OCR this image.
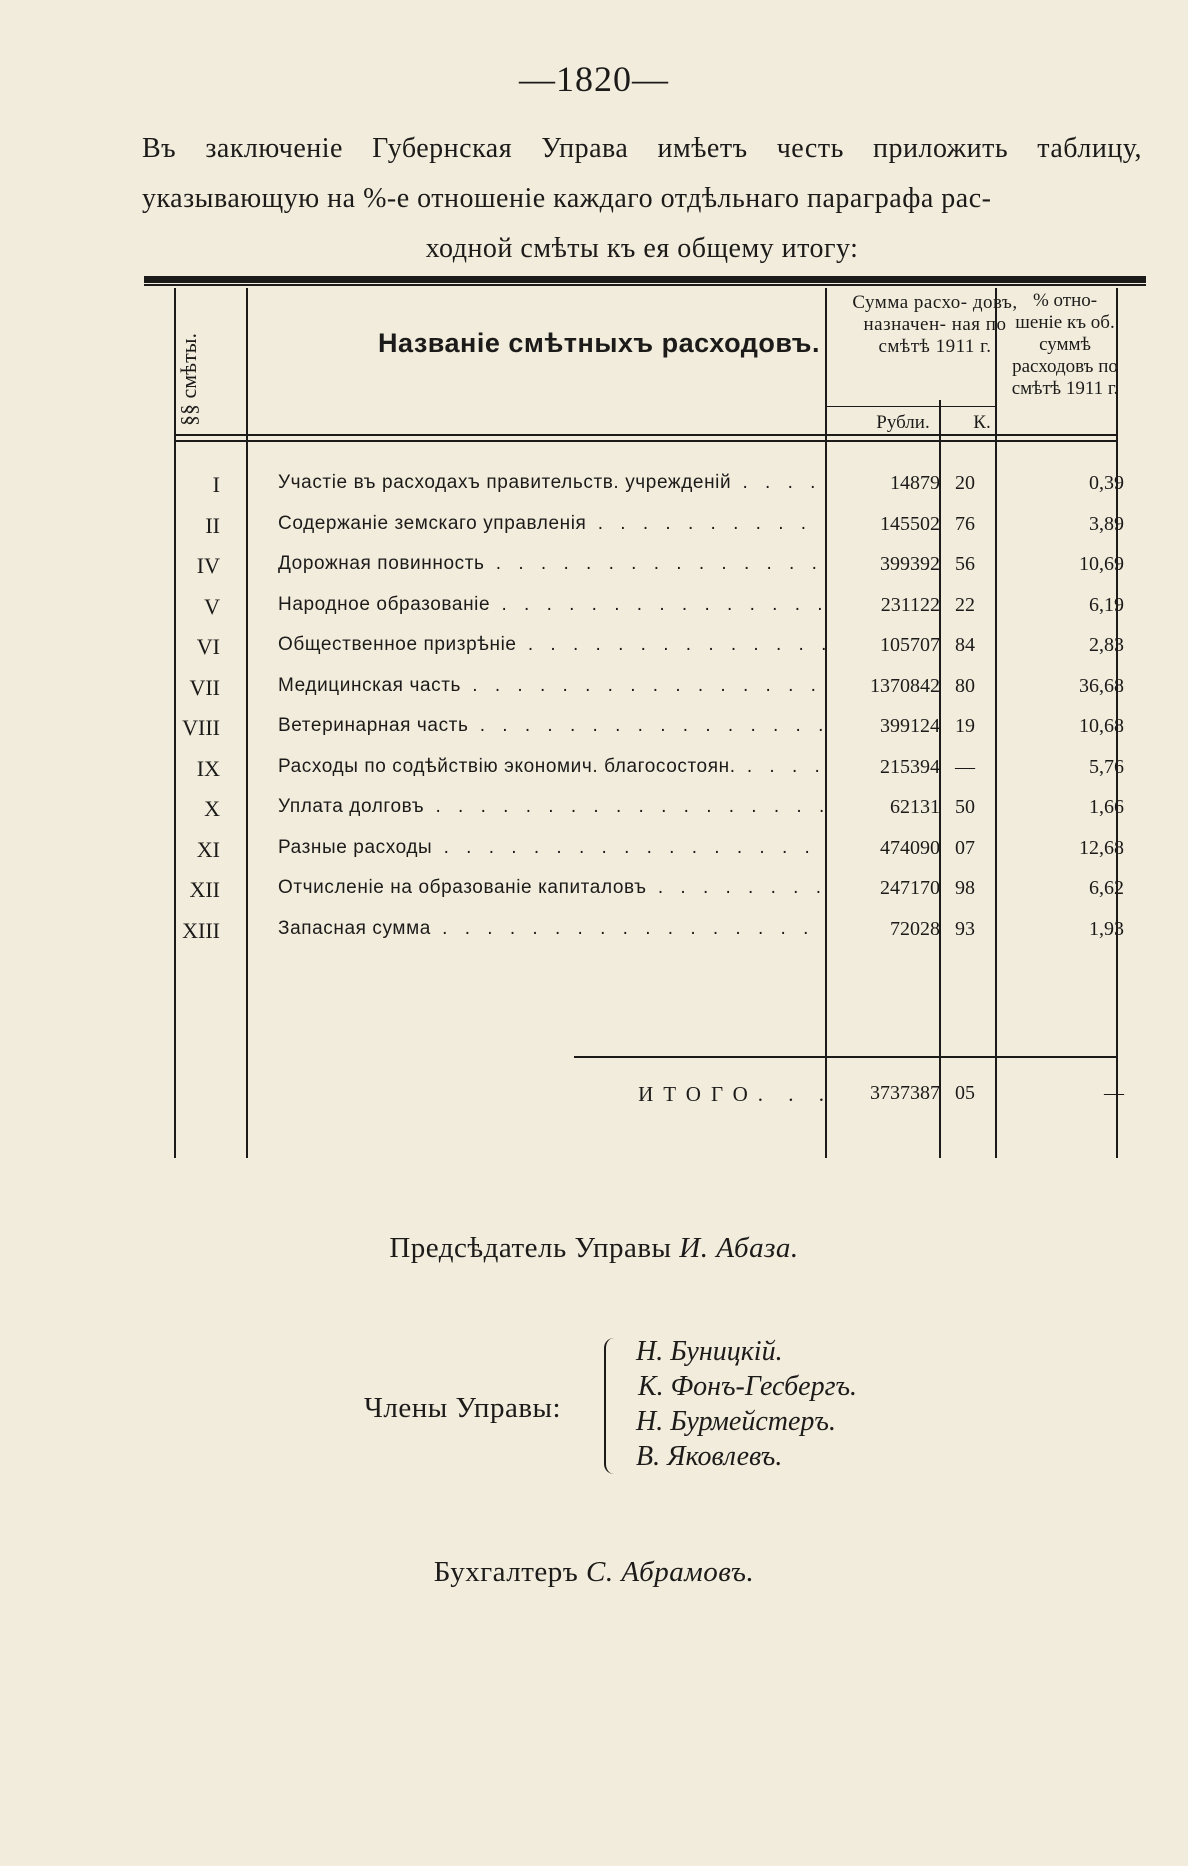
—1820—
Въ заключеніе Губернская Управа имѣетъ честь приложить таблицу, указывающую на %-е отношеніе каждаго отдѣльнаго параграфа рас-
ходной смѣты къ ея общему итогу:
§§ смѣты.	Названіе смѣтныхъ расходовъ.
Сумма расхо- довъ, назначен- ная по смѣтѣ 1911 г.
Рубли.	К.
% отно- шеніе къ об. суммѣ расходовъ по смѣтѣ 1911 г.
I	Участіе въ расходахъ правительств. учрежденій . . .	14879 20	0,39
II	Содержаніе земскаго управленія . . .	145502 76	3,89
IV	Дорожная повинность . . .	399392 56	10,69
V	Народное образованіе . . .	231122 22	6,19
VI	Общественное призрѣніе . . .	105707 84	2,83
VII	Медицинская часть . . .	1370842 80	36,68
VIII	Ветеринарная часть . . .	399124 19	10,68
IX	Расходы по содѣйствію экономич. благосостоян. . . .	215394 —	5,76
X	Уплата долговъ . . .	62131 50	1,66
XI	Разные расходы . . .	474090 07	12,68
XII	Отчисленіе на образованіе капиталовъ . . .	247170 98	6,62
XIII	Запасная сумма . . .	72028 93	1,93
ИТОГО. . .	3737387 05	—
Предсѣдатель Управы И. Абаза.
Члены Управы:
Н. Буницкій.
К. Фонъ-Гесбергъ.
Н. Бурмейстеръ.
В. Яковлевъ.
Бухгалтеръ С. Абрамовъ.
